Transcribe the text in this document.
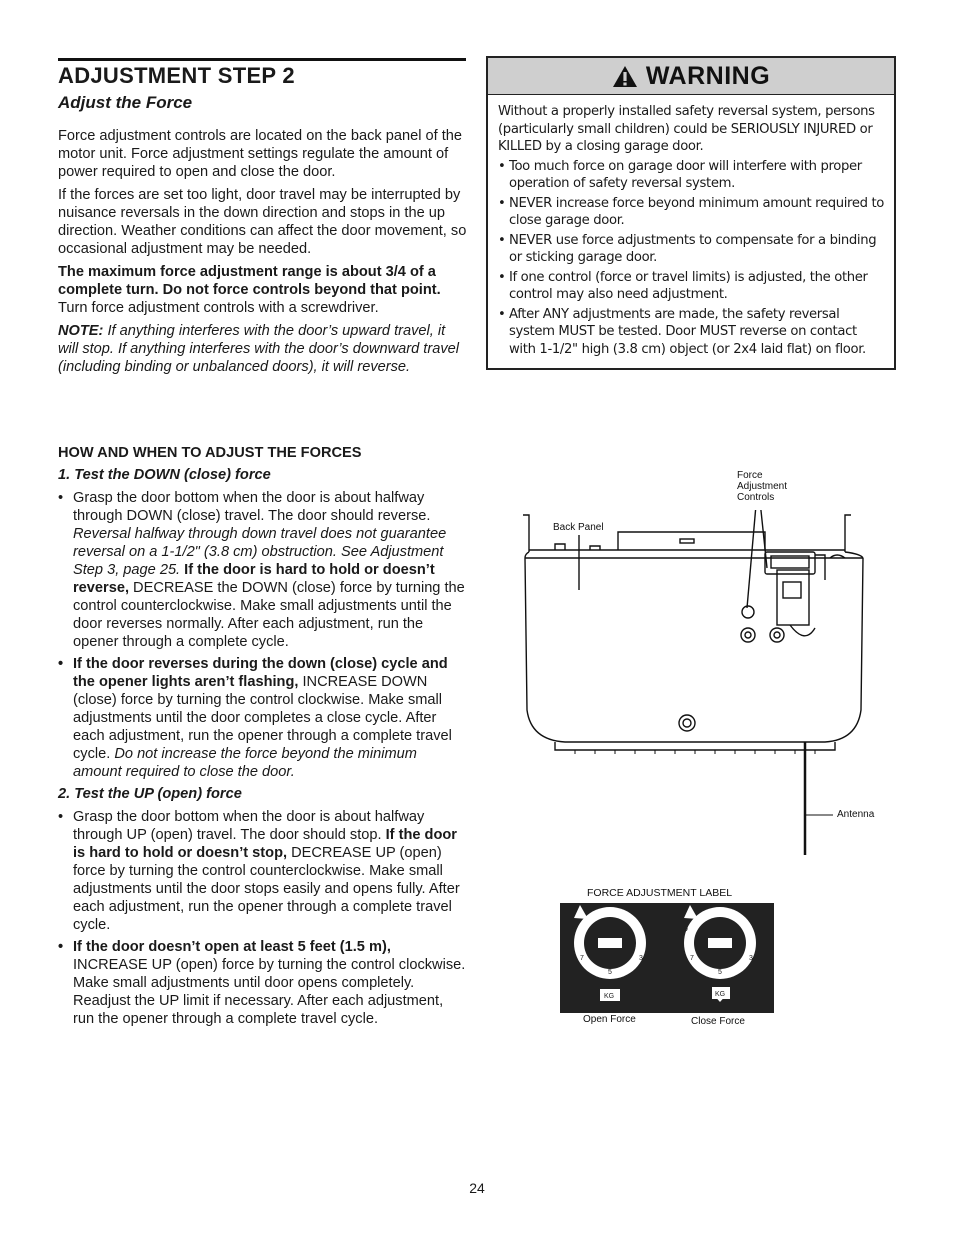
ADJUSTMENT STEP 2
Adjust the Force

Force adjustment controls are located on the back panel of the motor unit. Force adjustment settings regulate the amount of power required to open and close the door.

If the forces are set too light, door travel may be interrupted by nuisance reversals in the down direction and stops in the up direction. Weather conditions can affect the door movement, so occasional adjustment may be needed.

The maximum force adjustment range is about 3/4 of a complete turn. Do not force controls beyond that point. Turn force adjustment controls with a screwdriver.

NOTE: If anything interferes with the door’s upward travel, it will stop. If anything interferes with the door’s downward travel (including binding or unbalanced doors), it will reverse.

HOW AND WHEN TO ADJUST THE FORCES
1. Test the DOWN (close) force
• Grasp the door bottom when the door is about halfway through DOWN (close) travel. The door should reverse. Reversal halfway through down travel does not guarantee reversal on a 1-1/2" (3.8 cm) obstruction. See Adjustment Step 3, page 25. If the door is hard to hold or doesn’t reverse, DECREASE the DOWN (close) force by turning the control counterclockwise. Make small adjustments until the door reverses normally. After each adjustment, run the opener through a complete cycle.
• If the door reverses during the down (close) cycle and the opener lights aren’t flashing, INCREASE DOWN (close) force by turning the control clockwise. Make small adjustments until the door completes a close cycle. After each adjustment, run the opener through a complete travel cycle. Do not increase the force beyond the minimum amount required to close the door.
2. Test the UP (open) force
• Grasp the door bottom when the door is about halfway through UP (open) travel. The door should stop. If the door is hard to hold or doesn’t stop, DECREASE UP (open) force by turning the control counterclockwise. Make small adjustments until the door stops easily and opens fully. After each adjustment, run the opener through a complete travel cycle.
• If the door doesn’t open at least 5 feet (1.5 m), INCREASE UP (open) force by turning the control clockwise. Make small adjustments until door opens completely. Readjust the UP limit if necessary. After each adjustment, run the opener through a complete travel cycle.
WARNING

Without a properly installed safety reversal system, persons (particularly small children) could be SERIOUSLY INJURED or KILLED by a closing garage door.

• Too much force on garage door will interfere with proper operation of safety reversal system.
• NEVER increase force beyond minimum amount required to close garage door.
• NEVER use force adjustments to compensate for a binding or sticking garage door.
• If one control (force or travel limits) is adjusted, the other control may also need adjustment.
• After ANY adjustments are made, the safety reversal system MUST be tested. Door MUST reverse on contact with 1-1/2" high (3.8 cm) object (or 2x4 laid flat) on floor.
Back Panel
Force
Adjustment
Controls
Antenna
FORCE ADJUSTMENT LABEL
9
7
5
3
1
9
7
5
3
1
KG	KG
Open Force	Close Force
24
